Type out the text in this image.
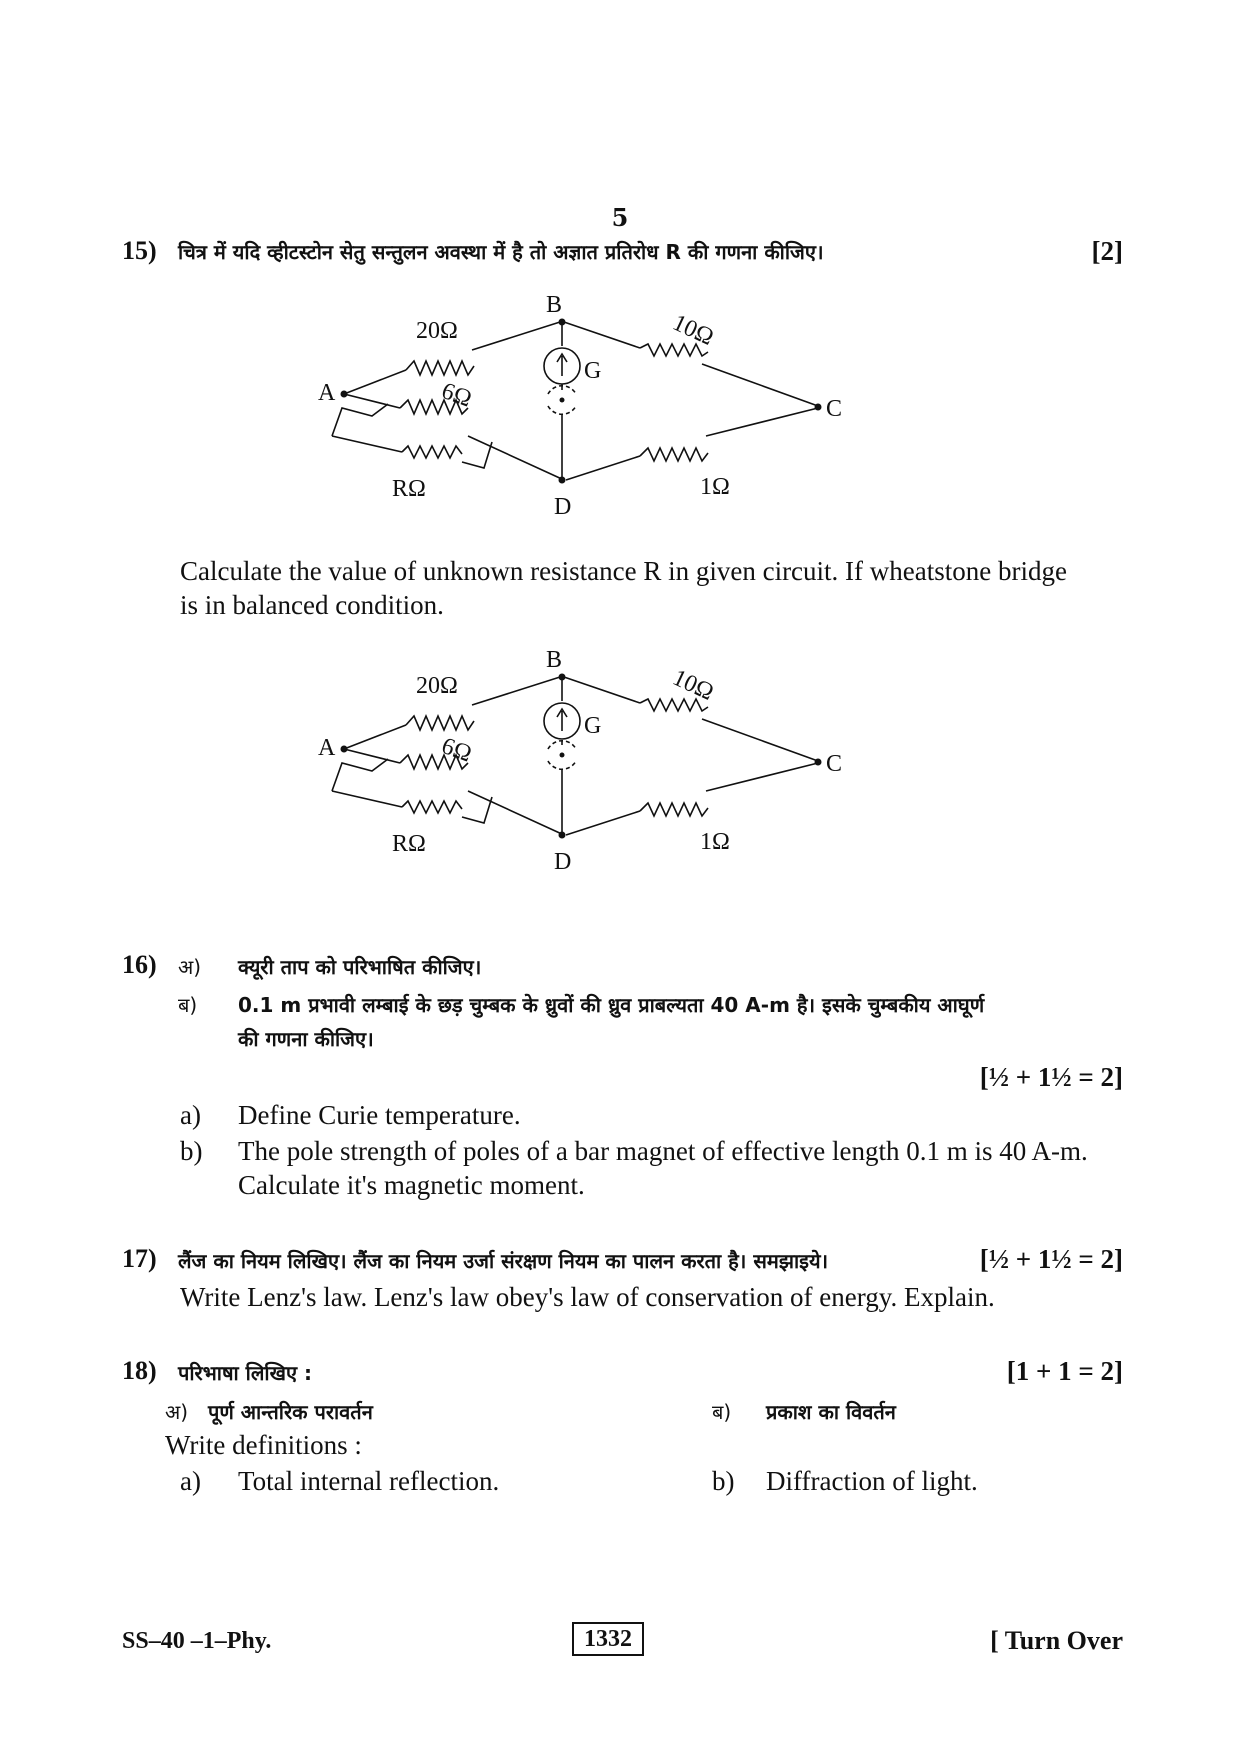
5
15) चित्र में यदि व्हीटस्टोन सेतु सन्तुलन अवस्था में है तो अज्ञात प्रतिरोध R की गणना कीजिए।	[2]
A
B
C
D
G
20Ω	10Ω
6Ω
RΩ	1Ω
Calculate the value of unknown resistance R in given circuit. If wheatstone bridge
is in balanced condition.
A
B
C
D
G
20Ω	10Ω
6Ω
RΩ	1Ω
16) अ) क्यूरी ताप को परिभाषित कीजिए।
ब) 0.1 m प्रभावी लम्बाई के छड़ चुम्बक के ध्रुवों की ध्रुव प्राबल्यता 40 A-m है। इसके चुम्बकीय आघूर्ण
की गणना कीजिए।
[½ + 1½ = 2]
a) Define Curie temperature.
b) The pole strength of poles of a bar magnet of effective length 0.1 m is 40 A-m.
Calculate it's magnetic moment.
17) लैंज का नियम लिखिए। लैंज का नियम उर्जा संरक्षण नियम का पालन करता है। समझाइये।	[½ + 1½ = 2]
Write Lenz's law. Lenz's law obey's law of conservation of energy. Explain.
18) परिभाषा लिखिए :	[1 + 1 = 2]
अ) पूर्ण आन्तरिक परावर्तन	ब) प्रकाश का विवर्तन
Write definitions :
a) Total internal reflection.	b) Diffraction of light.
SS–40 –1–Phy.	1332	[ Turn Over
